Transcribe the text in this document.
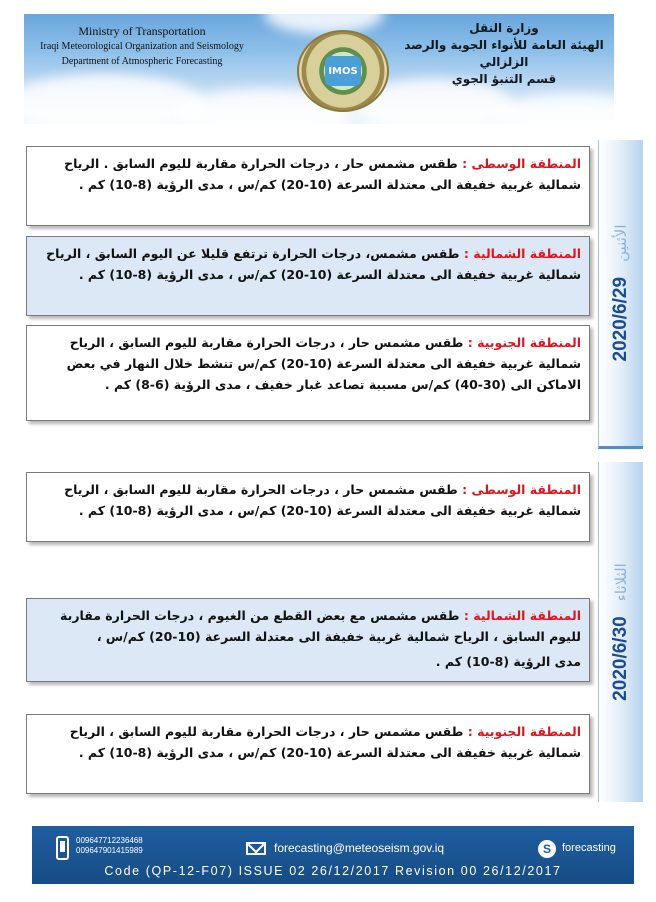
Ministry of Transportation
Iraqi Meteorological Organization and Seismology
Department of Atmospheric Forecasting
IMOS
وزارة النقل
الهيئة العامة للأنواء الجوية والرصد الزلزالي
قسم التنبؤ الجوي
2020/6/29 الأثنين
المنطقة الوسطى : طقس مشمس حار ، درجات الحرارة مقاربة لليوم السابق . الرياح شمالية غربية خفيفة الى معتدلة السرعة (10-20) كم/س ، مدى الرؤية (8-10) كم .
المنطقة الشمالية : طقس مشمس، درجات الحرارة ترتفع قليلا عن اليوم السابق ، الرياح شمالية غربية خفيفة الى معتدلة السرعة (10-20) كم/س ، مدى الرؤية (8-10) كم .
المنطقة الجنوبية : طقس مشمس حار ، درجات الحرارة مقاربة لليوم السابق ، الرياح شمالية غربية خفيفة الى معتدلة السرعة (10-20) كم/س تنشط خلال النهار في بعض الاماكن الى (30-40) كم/س مسببة تصاعد غبار خفيف ، مدى الرؤية (6-8) كم .
2020/6/30 الثلاثاء
المنطقة الوسطى : طقس مشمس حار ، درجات الحرارة مقاربة لليوم السابق ، الرياح شمالية غربية خفيفة الى معتدلة السرعة (10-20) كم/س ، مدى الرؤية (8-10) كم .
المنطقة الشمالية : طقس مشمس مع بعض القطع من الغيوم ، درجات الحرارة مقاربة لليوم السابق ، الرياح شمالية غربية خفيفة الى معتدلة السرعة (10-20) كم/س ،
مدى الرؤية (8-10) كم .
المنطقة الجنوبية : طقس مشمس حار ، درجات الحرارة مقاربة لليوم السابق ، الرياح شمالية غربية خفيفة الى معتدلة السرعة (10-20) كم/س ، مدى الرؤية (8-10) كم .
009647712236468
009647901415989	forecasting@meteoseism.gov.iq	S	forecasting
Code (QP-12-F07) ISSUE 02 26/12/2017 Revision 00 26/12/2017
